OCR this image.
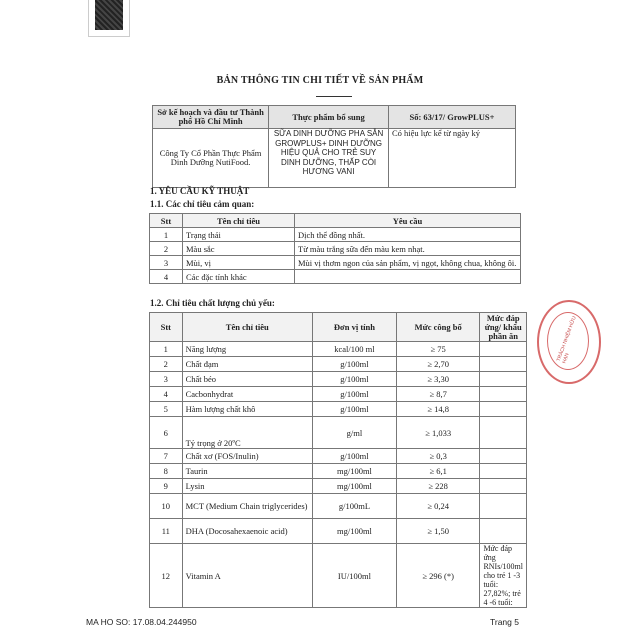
BẢN THÔNG TIN CHI TIẾT VỀ SẢN PHẨM
Sở kế hoạch và đầu tư Thành phố Hồ Chí Minh	Thực phẩm bổ sung	Số: 63/17/ GrowPLUS+
Công Ty Cổ Phần Thực Phẩm Dinh Dưỡng NutiFood.	SỮA DINH DƯỠNG PHA SẴN GROWPLUS+ DINH DƯỠNG HIỆU QUẢ CHO TRẺ SUY DINH DƯỠNG, THẤP CÒI HƯƠNG VANI	Có hiệu lực kể từ ngày ký
1. YÊU CẦU KỸ THUẬT
1.1. Các chỉ tiêu cảm quan:
Stt	Tên chỉ tiêu	Yêu cầu
1	Trạng thái	Dịch thể đồng nhất.
2	Màu sắc	Từ màu trắng sữa đến màu kem nhạt.
3	Mùi, vị	Mùi vị thơm ngon của sản phẩm, vị ngọt, không chua, không ôi.
4	Các đặc tính khác	
1.2. Chỉ tiêu chất lượng chủ yếu:
Stt	Tên chỉ tiêu	Đơn vị tính	Mức công bố	Mức đáp ứng/ khẩu phần ăn
1	Năng lượng	kcal/100 ml	≥ 75	
2	Chất đạm	g/100ml	≥ 2,70	
3	Chất béo	g/100ml	≥ 3,30	
4	Cacbonhydrat	g/100ml	≥ 8,7	
5	Hàm lượng chất khô	g/100ml	≥ 14,8	
6	Tỷ trọng ở 20ºC	g/ml	≥ 1,033	
7	Chất xơ (FOS/Inulin)	g/100ml	≥ 0,3	
8	Taurin	mg/100ml	≥ 6,1	
9	Lysin	mg/100ml	≥ 228	
10	MCT (Medium Chain triglycerides)	g/100mL	≥ 0,24	
11	DHA (Docosahexaenoic acid)	mg/100ml	≥ 1,50	
12	Vitamin A	IU/100ml	≥ 296 (*)	Mức đáp ứng RNIs/100ml cho trẻ 1 -3 tuổi: 27,82%; trẻ 4 -6 tuổi:
TRÁCH NHIỆM HỮU HẠN
MA HO SO: 17.08.04.244950	Trang 5
